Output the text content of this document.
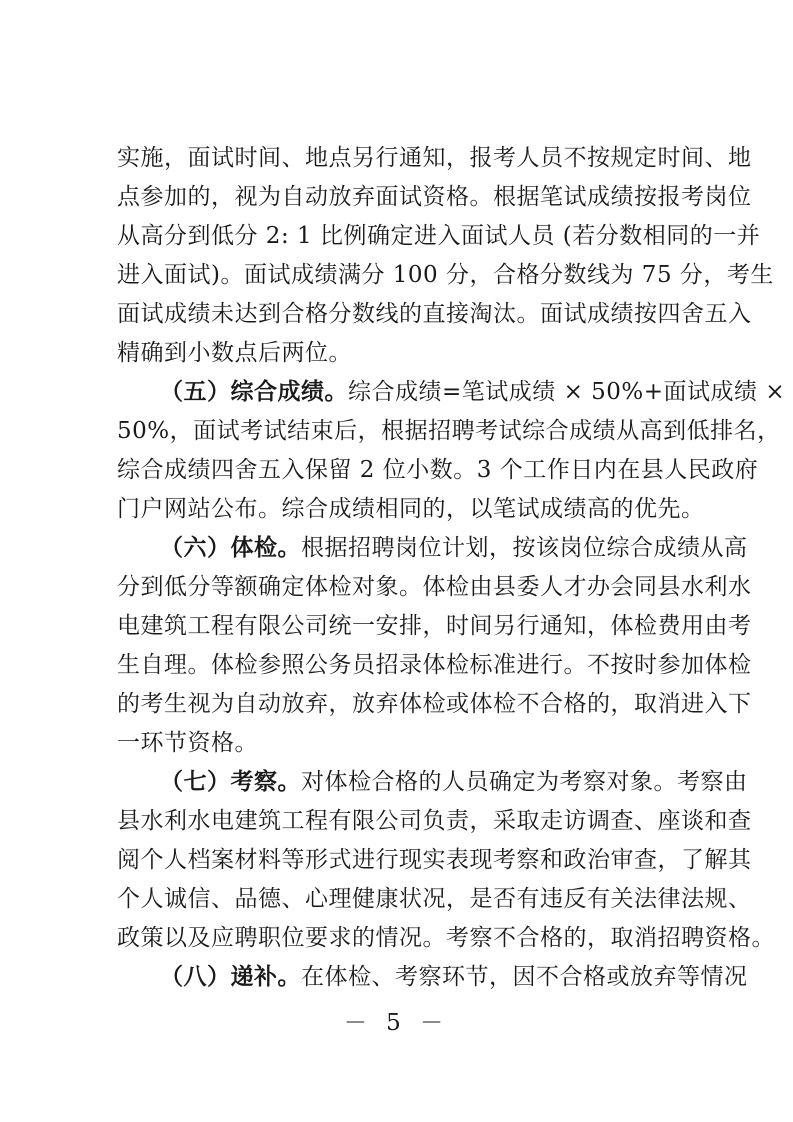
实施，面试时间、地点另行通知，报考人员不按规定时间、地
点参加的，视为自动放弃面试资格。根据笔试成绩按报考岗位
从高分到低分 2: 1 比例确定进入面试人员 (若分数相同的一并
进入面试)。面试成绩满分 100 分，合格分数线为 75 分，考生
面试成绩未达到合格分数线的直接淘汰。面试成绩按四舍五入
精确到小数点后两位。
（五）综合成绩。综合成绩=笔试成绩 × 50%+面试成绩 ×
50%，面试考试结束后，根据招聘考试综合成绩从高到低排名，
综合成绩四舍五入保留 2 位小数。3 个工作日内在县人民政府
门户网站公布。综合成绩相同的，以笔试成绩高的优先。
（六）体检。根据招聘岗位计划，按该岗位综合成绩从高
分到低分等额确定体检对象。体检由县委人才办会同县水利水
电建筑工程有限公司统一安排，时间另行通知，体检费用由考
生自理。体检参照公务员招录体检标准进行。不按时参加体检
的考生视为自动放弃，放弃体检或体检不合格的，取消进入下
一环节资格。
（七）考察。对体检合格的人员确定为考察对象。考察由
县水利水电建筑工程有限公司负责，采取走访调查、座谈和查
阅个人档案材料等形式进行现实表现考察和政治审查，了解其
个人诚信、品德、心理健康状况，是否有违反有关法律法规、
政策以及应聘职位要求的情况。考察不合格的，取消招聘资格。
（八）递补。在体检、考察环节，因不合格或放弃等情况
－ 5 －
